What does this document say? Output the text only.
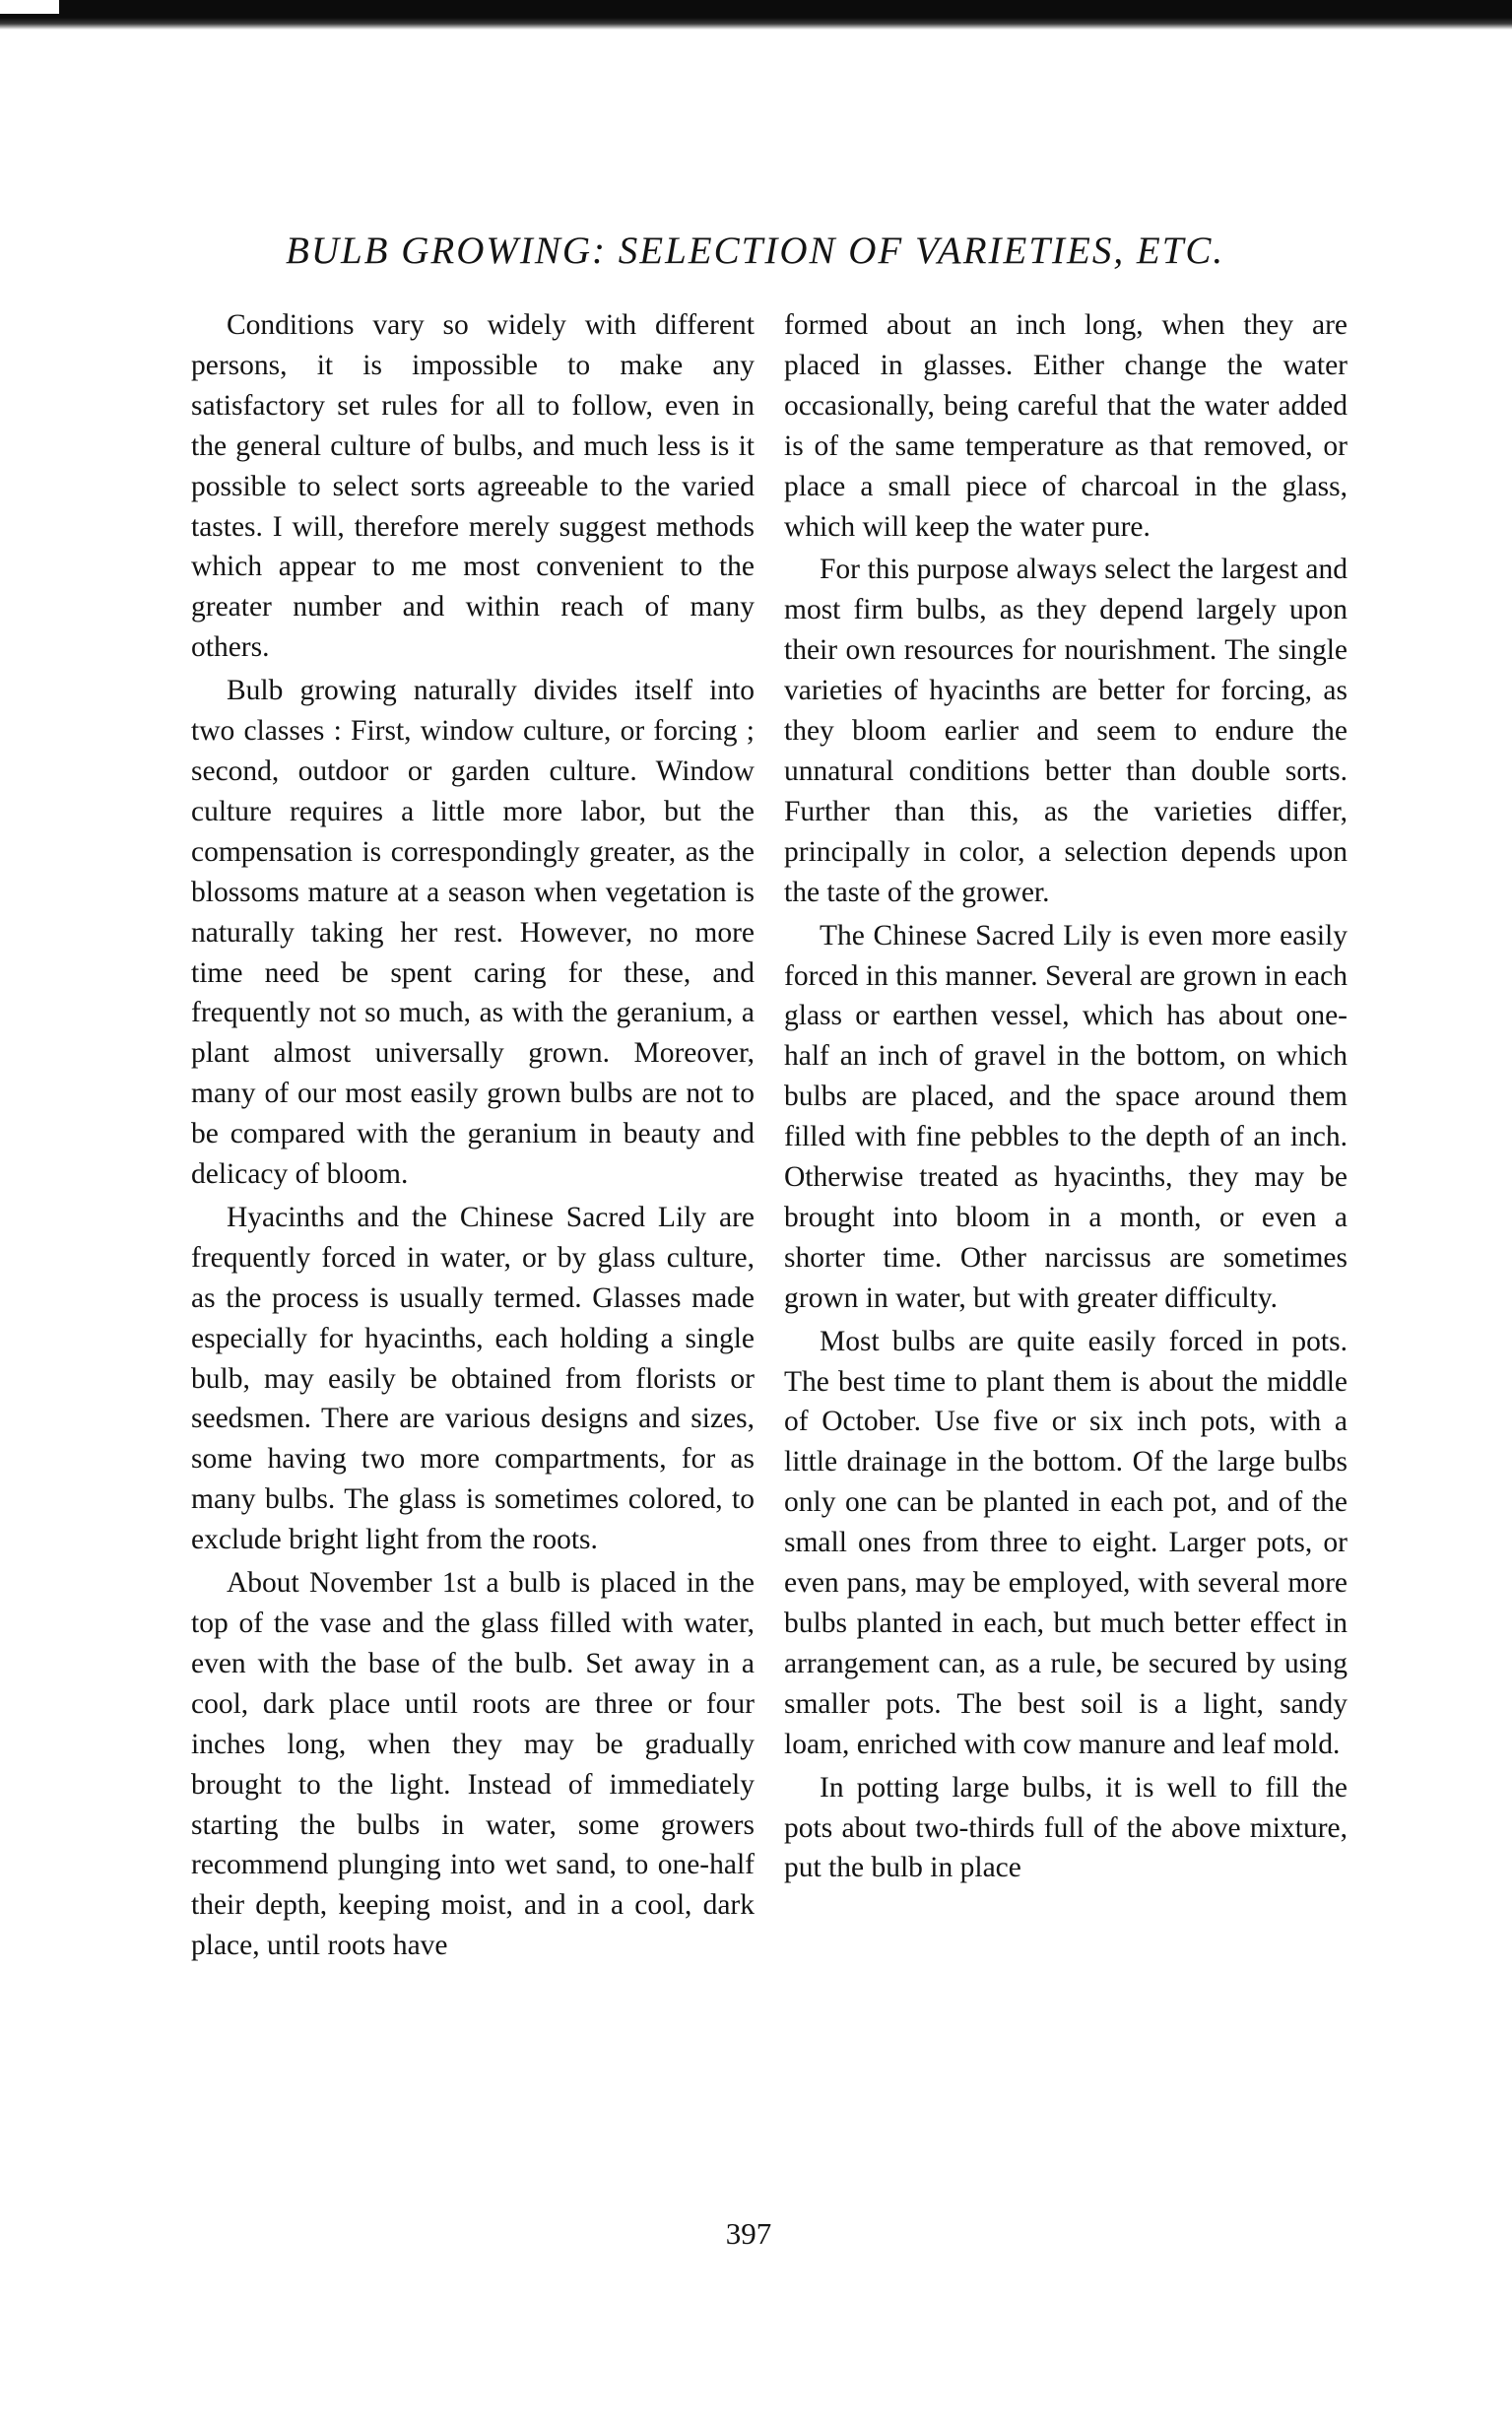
BULB GROWING: SELECTION OF VARIETIES, ETC.

Conditions vary so widely with different persons, it is impossible to make any satisfactory set rules for all to follow, even in the general culture of bulbs, and much less is it possible to select sorts agreeable to the varied tastes. I will, therefore merely suggest methods which appear to me most convenient to the greater number and within reach of many others.

Bulb growing naturally divides itself into two classes : First, window culture, or forcing ; second, outdoor or garden culture. Window culture requires a little more labor, but the compensation is correspondingly greater, as the blossoms mature at a season when vegetation is naturally taking her rest. However, no more time need be spent caring for these, and frequently not so much, as with the geranium, a plant almost universally grown. Moreover, many of our most easily grown bulbs are not to be compared with the geranium in beauty and delicacy of bloom.

Hyacinths and the Chinese Sacred Lily are frequently forced in water, or by glass culture, as the process is usually termed. Glasses made especially for hyacinths, each holding a single bulb, may easily be obtained from florists or seedsmen. There are various designs and sizes, some having two more compartments, for as many bulbs. The glass is sometimes colored, to exclude bright light from the roots.

About November 1st a bulb is placed in the top of the vase and the glass filled with water, even with the base of the bulb. Set away in a cool, dark place until roots are three or four inches long, when they may be gradually brought to the light. Instead of immediately starting the bulbs in water, some growers recommend plunging into wet sand, to one-half their depth, keeping moist, and in a cool, dark place, until roots have

formed about an inch long, when they are placed in glasses. Either change the water occasionally, being careful that the water added is of the same temperature as that removed, or place a small piece of charcoal in the glass, which will keep the water pure.

For this purpose always select the largest and most firm bulbs, as they depend largely upon their own resources for nourishment. The single varieties of hyacinths are better for forcing, as they bloom earlier and seem to endure the unnatural conditions better than double sorts. Further than this, as the varieties differ, principally in color, a selection depends upon the taste of the grower.

The Chinese Sacred Lily is even more easily forced in this manner. Several are grown in each glass or earthen vessel, which has about one-half an inch of gravel in the bottom, on which bulbs are placed, and the space around them filled with fine pebbles to the depth of an inch. Otherwise treated as hyacinths, they may be brought into bloom in a month, or even a shorter time. Other narcissus are sometimes grown in water, but with greater difficulty.

Most bulbs are quite easily forced in pots. The best time to plant them is about the middle of October. Use five or six inch pots, with a little drainage in the bottom. Of the large bulbs only one can be planted in each pot, and of the small ones from three to eight. Larger pots, or even pans, may be employed, with several more bulbs planted in each, but much better effect in arrangement can, as a rule, be secured by using smaller pots. The best soil is a light, sandy loam, enriched with cow manure and leaf mold.

In potting large bulbs, it is well to fill the pots about two-thirds full of the above mixture, put the bulb in place

397
